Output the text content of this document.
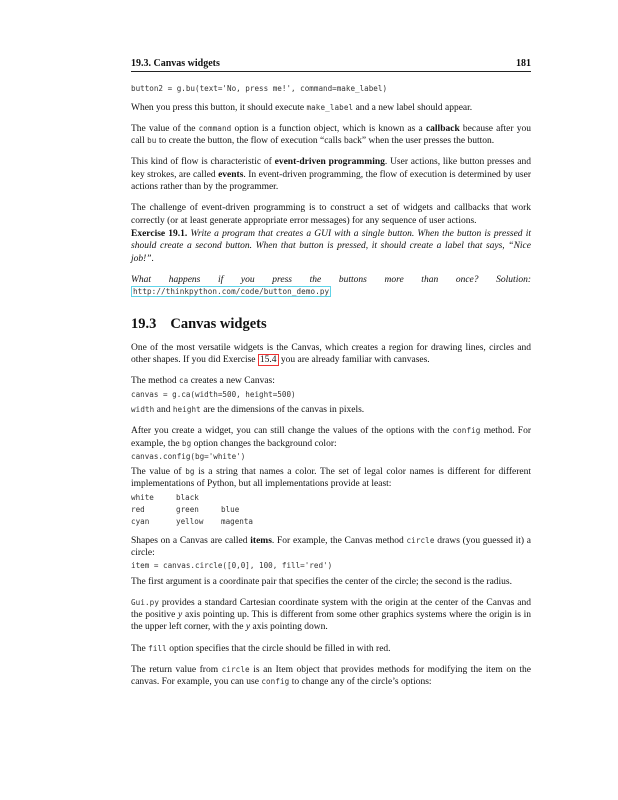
19.3. Canvas widgets	181
button2 = g.bu(text='No, press me!', command=make_label)

When you press this button, it should execute make_label and a new label should appear.

The value of the command option is a function object, which is known as a callback because after you call bu to create the button, the flow of execution “calls back” when the user presses the button.

This kind of flow is characteristic of event-driven programming. User actions, like button presses and key strokes, are called events. In event-driven programming, the flow of execution is determined by user actions rather than by the programmer.

The challenge of event-driven programming is to construct a set of widgets and callbacks that work correctly (or at least generate appropriate error messages) for any sequence of user actions.

Exercise 19.1. Write a program that creates a GUI with a single button. When the button is pressed it should create a second button. When that button is pressed, it should create a label that says, “Nice job!”.

What happens if you press the buttons more than once? Solution: http://thinkpython.com/code/button_demo.py

19.3 Canvas widgets

One of the most versatile widgets is the Canvas, which creates a region for drawing lines, circles and other shapes. If you did Exercise 15.4 you are already familiar with canvases.

The method ca creates a new Canvas:

canvas = g.ca(width=500, height=500)

width and height are the dimensions of the canvas in pixels.

After you create a widget, you can still change the values of the options with the config method. For example, the bg option changes the background color:

canvas.config(bg='white')

The value of bg is a string that names a color. The set of legal color names is different for different implementations of Python, but all implementations provide at least:

white	black
red	green	blue
cyan	yellow	magenta

Shapes on a Canvas are called items. For example, the Canvas method circle draws (you guessed it) a circle:

item = canvas.circle([0,0], 100, fill='red')

The first argument is a coordinate pair that specifies the center of the circle; the second is the radius.

Gui.py provides a standard Cartesian coordinate system with the origin at the center of the Canvas and the positive y axis pointing up. This is different from some other graphics systems where the origin is in the upper left corner, with the y axis pointing down.

The fill option specifies that the circle should be filled in with red.

The return value from circle is an Item object that provides methods for modifying the item on the canvas. For example, you can use config to change any of the circle’s options:
